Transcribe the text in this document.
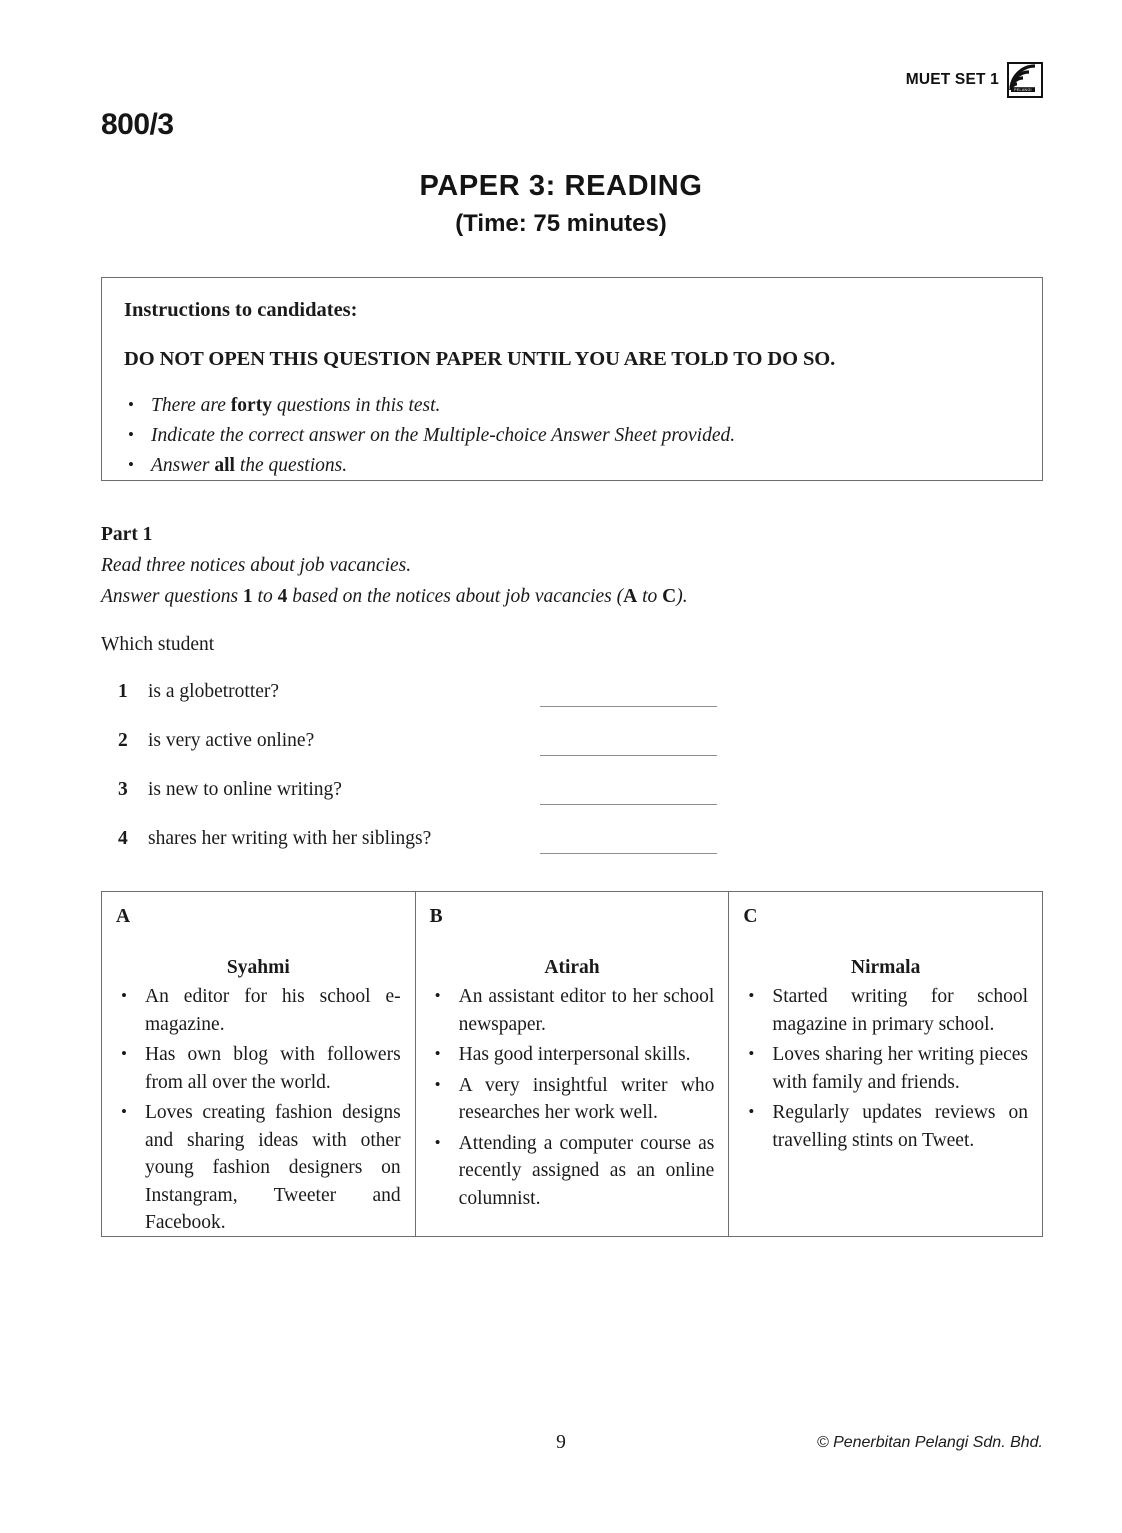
MUET SET 1
PELANGI
800/3
PAPER 3: READING
(Time: 75 minutes)
Instructions to candidates:
DO NOT OPEN THIS QUESTION PAPER UNTIL YOU ARE TOLD TO DO SO.
• There are forty questions in this test.
• Indicate the correct answer on the Multiple-choice Answer Sheet provided.
• Answer all the questions.
Part 1
Read three notices about job vacancies.
Answer questions 1 to 4 based on the notices about job vacancies (A to C).
Which student
1 is a globetrotter?
2 is very active online?
3 is new to online writing?
4 shares her writing with her siblings?
A
Syahmi
• An editor for his school e-magazine.
• Has own blog with followers from all over the world.
• Loves creating fashion designs and sharing ideas with other young fashion designers on Instangram, Tweeter and Facebook.
B
Atirah
• An assistant editor to her school newspaper.
• Has good interpersonal skills.
• A very insightful writer who researches her work well.
• Attending a computer course as recently assigned as an online columnist.
C
Nirmala
• Started writing for school magazine in primary school.
• Loves sharing her writing pieces with family and friends.
• Regularly updates reviews on travelling stints on Tweet.
9	© Penerbitan Pelangi Sdn. Bhd.
